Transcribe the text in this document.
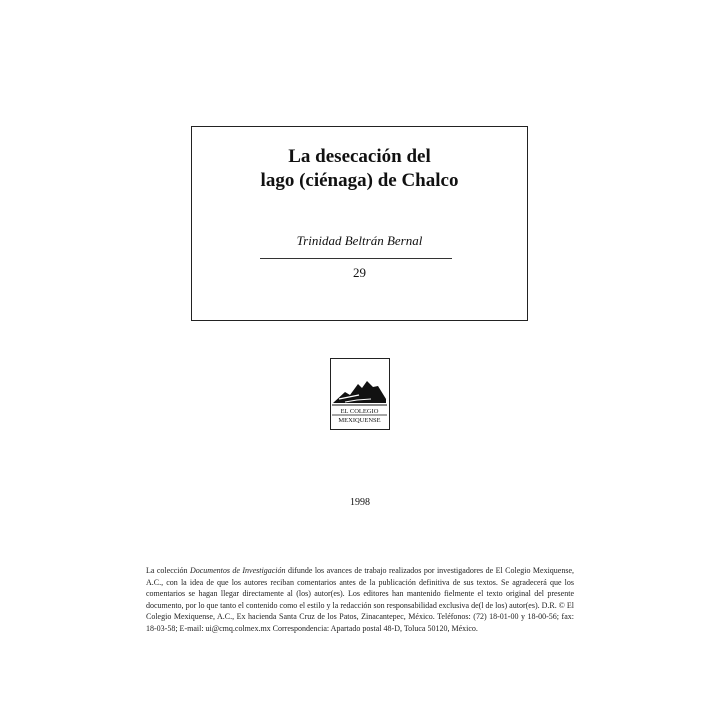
La desecación del
lago (ciénaga) de Chalco
Trinidad Beltrán Bernal
29
EL COLEGIO
MEXIQUENSE
1998
La colección Documentos de Investigación difunde los avances de trabajo realizados por investigadores de El Colegio Mexiquense, A.C., con la idea de que los autores reciban comentarios antes de la publicación definitiva de sus textos. Se agradecerá que los comentarios se hagan llegar directamente al (los) autor(es). Los editores han mantenido fielmente el texto original del presente documento, por lo que tanto el contenido como el estilo y la redacción son responsabilidad exclusiva de(l de los) autor(es). D.R. © El Colegio Mexiquense, A.C., Ex hacienda Santa Cruz de los Patos, Zinacantepec, México. Teléfonos: (72) 18-01-00 y 18-00-56; fax: 18-03-58; E-mail: ui@cmq.colmex.mx Correspondencia: Apartado postal 48-D, Toluca 50120, México.
